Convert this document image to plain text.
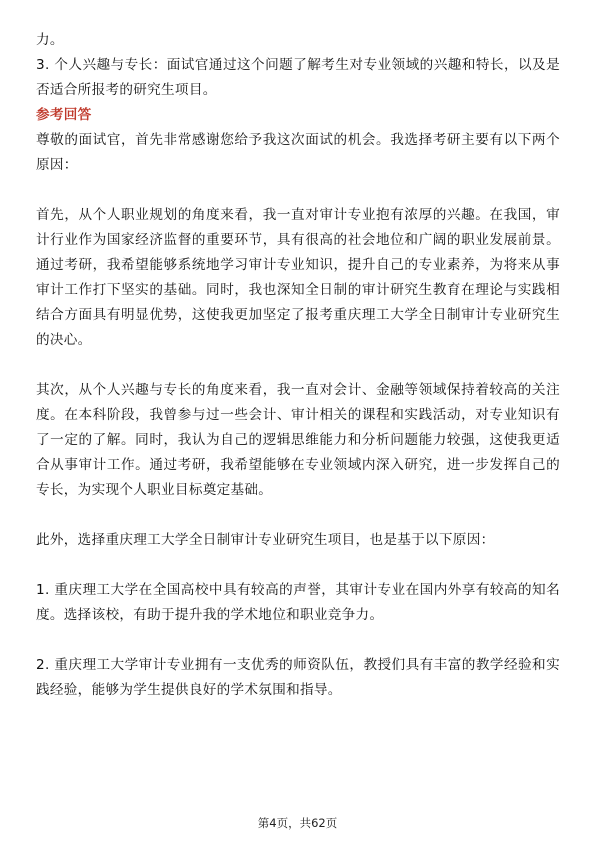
力。

3. 个人兴趣与专长：面试官通过这个问题了解考生对专业领域的兴趣和特长，以及是否适合所报考的研究生项目。

参考回答

尊敬的面试官，首先非常感谢您给予我这次面试的机会。我选择考研主要有以下两个原因：

首先，从个人职业规划的角度来看，我一直对审计专业抱有浓厚的兴趣。在我国，审计行业作为国家经济监督的重要环节，具有很高的社会地位和广阔的职业发展前景。通过考研，我希望能够系统地学习审计专业知识，提升自己的专业素养，为将来从事审计工作打下坚实的基础。同时，我也深知全日制的审计研究生教育在理论与实践相结合方面具有明显优势，这使我更加坚定了报考重庆理工大学全日制审计专业研究生的决心。

其次，从个人兴趣与专长的角度来看，我一直对会计、金融等领域保持着较高的关注度。在本科阶段，我曾参与过一些会计、审计相关的课程和实践活动，对专业知识有了一定的了解。同时，我认为自己的逻辑思维能力和分析问题能力较强，这使我更适合从事审计工作。通过考研，我希望能够在专业领域内深入研究，进一步发挥自己的专长，为实现个人职业目标奠定基础。

此外，选择重庆理工大学全日制审计专业研究生项目，也是基于以下原因：

1. 重庆理工大学在全国高校中具有较高的声誉，其审计专业在国内外享有较高的知名度。选择该校，有助于提升我的学术地位和职业竞争力。

2. 重庆理工大学审计专业拥有一支优秀的师资队伍，教授们具有丰富的教学经验和实践经验，能够为学生提供良好的学术氛围和指导。

第4页，共62页
